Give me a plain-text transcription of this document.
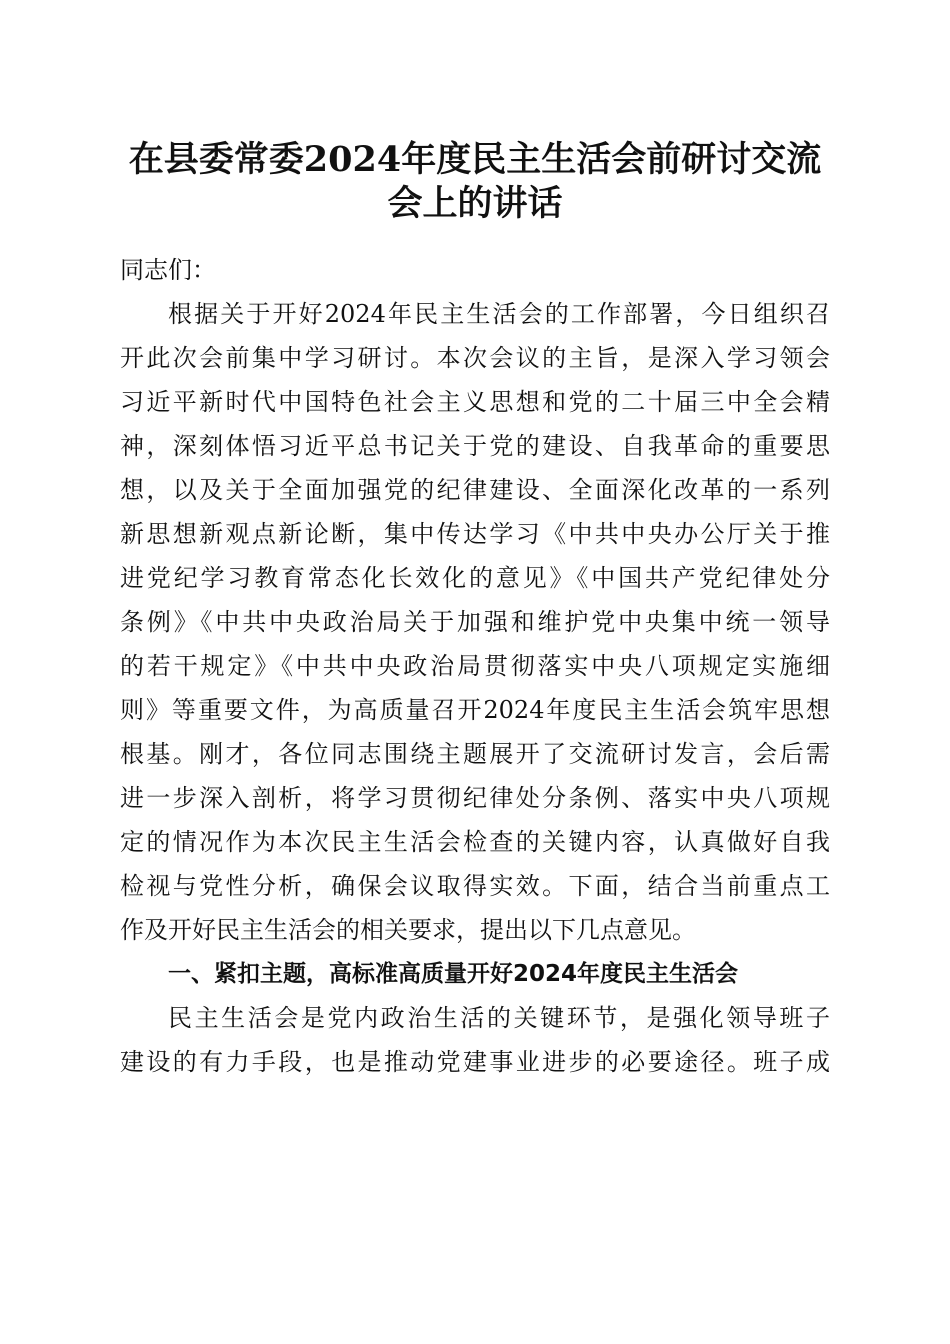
在县委常委2024年度民主生活会前研讨交流
会上的讲话
同志们：
根据关于开好2024年民主生活会的工作部署，今日组织召
开此次会前集中学习研讨。本次会议的主旨，是深入学习领会
习近平新时代中国特色社会主义思想和党的二十届三中全会精
神，深刻体悟习近平总书记关于党的建设、自我革命的重要思
想，以及关于全面加强党的纪律建设、全面深化改革的一系列
新思想新观点新论断，集中传达学习《中共中央办公厅关于推
进党纪学习教育常态化长效化的意见》《中国共产党纪律处分
条例》《中共中央政治局关于加强和维护党中央集中统一领导
的若干规定》《中共中央政治局贯彻落实中央八项规定实施细
则》等重要文件，为高质量召开2024年度民主生活会筑牢思想
根基。刚才，各位同志围绕主题展开了交流研讨发言，会后需
进一步深入剖析，将学习贯彻纪律处分条例、落实中央八项规
定的情况作为本次民主生活会检查的关键内容，认真做好自我
检视与党性分析，确保会议取得实效。下面，结合当前重点工
作及开好民主生活会的相关要求，提出以下几点意见。
一、紧扣主题，高标准高质量开好2024年度民主生活会
民主生活会是党内政治生活的关键环节，是强化领导班子
建设的有力手段，也是推动党建事业进步的必要途径。班子成
